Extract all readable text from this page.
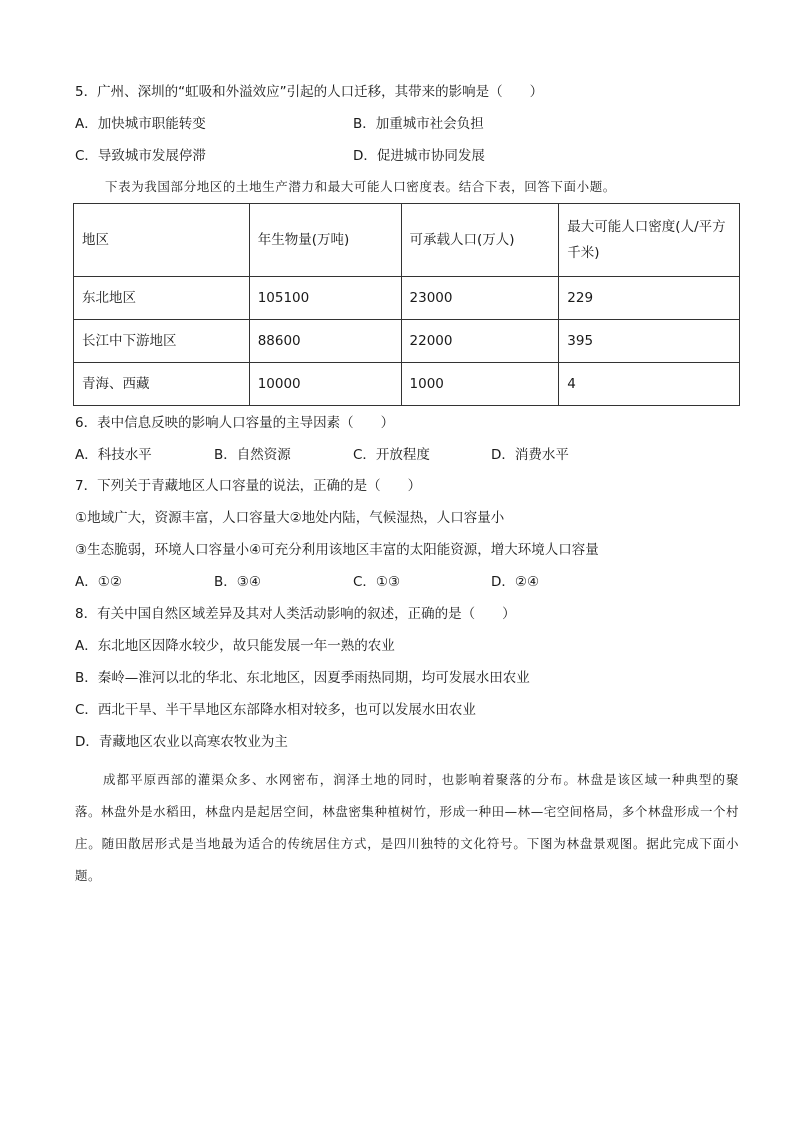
5．广州、深圳的“虹吸和外溢效应”引起的人口迁移，其带来的影响是（　　）
A．加快城市职能转变	B．加重城市社会负担
C．导致城市发展停滞	D．促进城市协同发展
下表为我国部分地区的土地生产潜力和最大可能人口密度表。结合下表，回答下面小题。
地区	年生物量(万吨)	可承载人口(万人)	最大可能人口密度(人/平方千米)
东北地区	105100	23000	229
长江中下游地区	88600	22000	395
青海、西藏	10000	1000	4
6．表中信息反映的影响人口容量的主导因素（　　）
A．科技水平	B．自然资源	C．开放程度	D．消费水平
7．下列关于青藏地区人口容量的说法，正确的是（　　）
①地域广大，资源丰富，人口容量大②地处内陆，气候湿热，人口容量小
③生态脆弱，环境人口容量小④可充分利用该地区丰富的太阳能资源，增大环境人口容量
A．①②	B．③④	C．①③	D．②④
8．有关中国自然区域差异及其对人类活动影响的叙述，正确的是（　　）
A．东北地区因降水较少，故只能发展一年一熟的农业
B．秦岭—淮河以北的华北、东北地区，因夏季雨热同期，均可发展水田农业
C．西北干旱、半干旱地区东部降水相对较多，也可以发展水田农业
D．青藏地区农业以高寒农牧业为主
成都平原西部的灌渠众多、水网密布，润泽土地的同时，也影响着聚落的分布。林盘是该区域一种典型的聚落。林盘外是水稻田，林盘内是起居空间，林盘密集种植树竹，形成一种田—林—宅空间格局，多个林盘形成一个村庄。随田散居形式是当地最为适合的传统居住方式，是四川独特的文化符号。下图为林盘景观图。据此完成下面小题。
